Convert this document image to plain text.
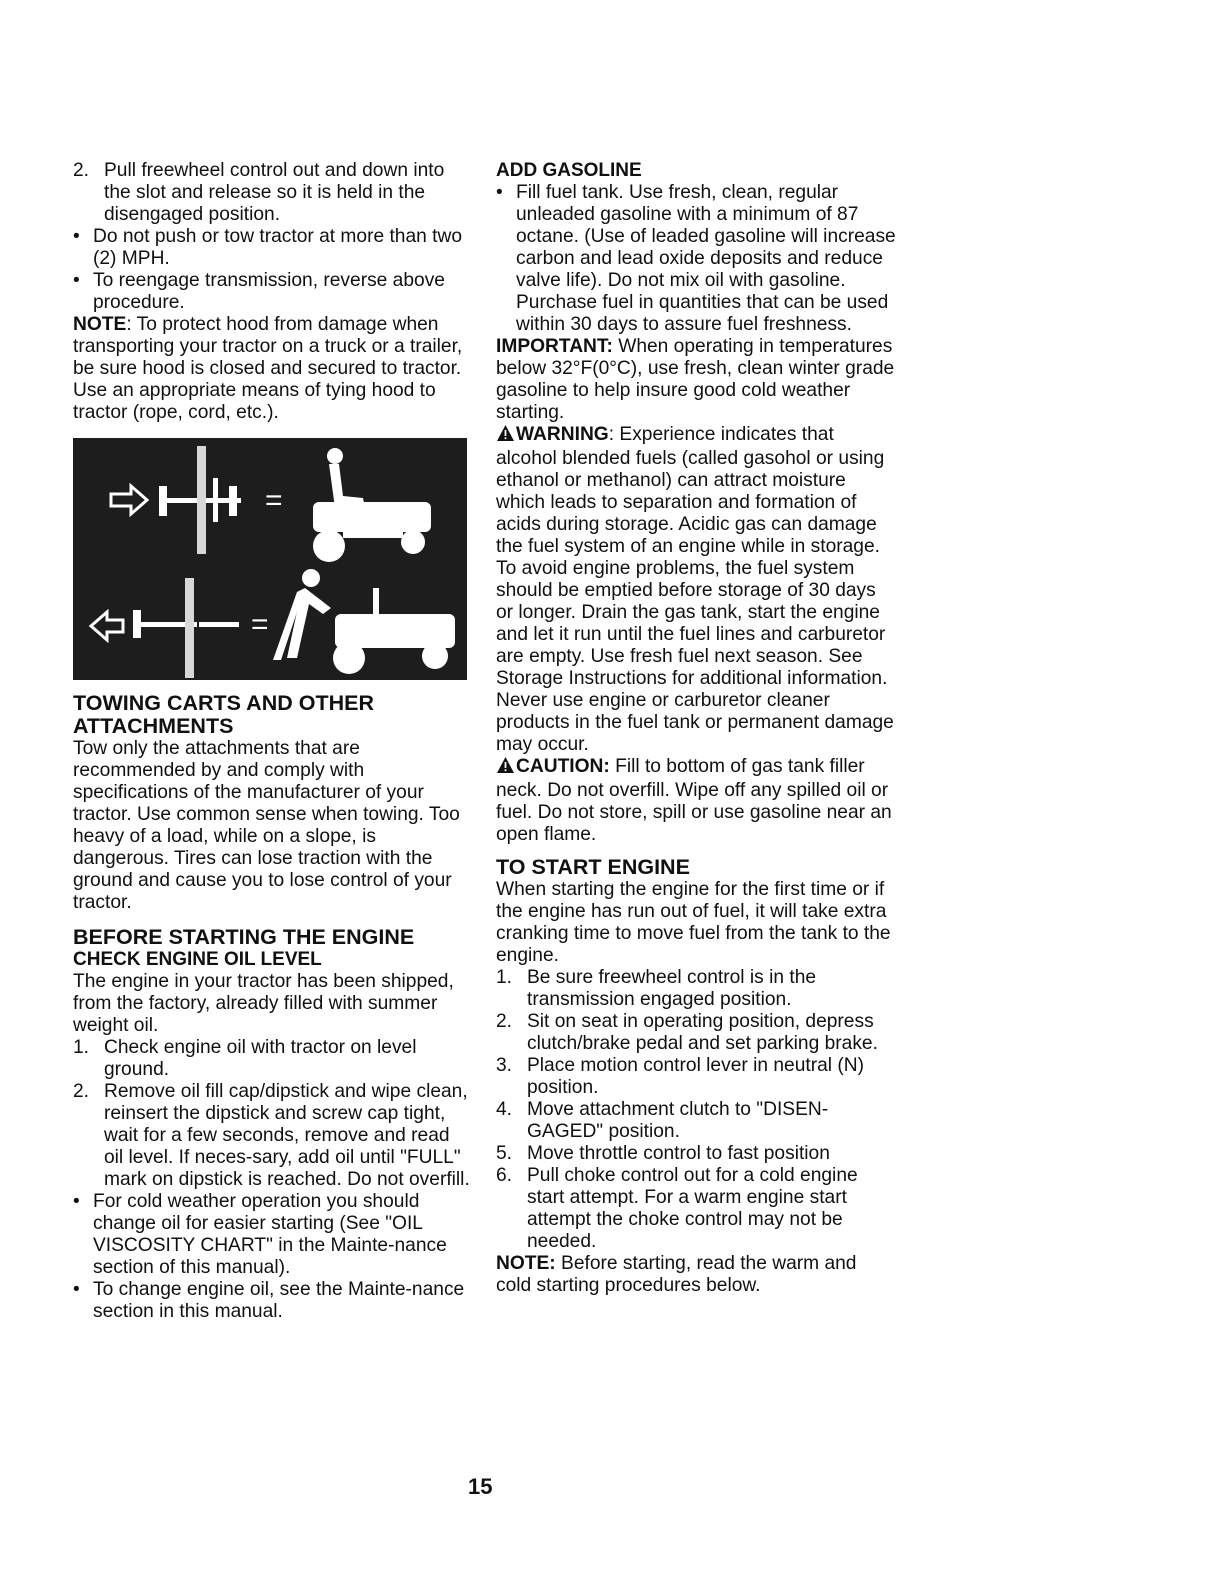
2. Pull freewheel control out and down into the slot and release so it is held in the disengaged position.

• Do not push or tow tractor at more than two (2) MPH.

• To reengage transmission, reverse above procedure.

NOTE: To protect hood from damage when transporting your tractor on a truck or a trailer, be sure hood is closed and secured to tractor. Use an appropriate means of tying hood to tractor (rope, cord, etc.).

=
=

TOWING CARTS AND OTHER ATTACHMENTS

Tow only the attachments that are recommended by and comply with specifications of the manufacturer of your tractor. Use common sense when towing. Too heavy of a load, while on a slope, is dangerous. Tires can lose traction with the ground and cause you to lose control of your tractor.

BEFORE STARTING THE ENGINE

CHECK ENGINE OIL LEVEL

The engine in your tractor has been shipped, from the factory, already filled with summer weight oil.

1. Check engine oil with tractor on level ground.

2. Remove oil fill cap/dipstick and wipe clean, reinsert the dipstick and screw cap tight, wait for a few seconds, remove and read oil level. If neces-sary, add oil until "FULL" mark on dipstick is reached. Do not overfill.

• For cold weather operation you should change oil for easier starting (See "OIL VISCOSITY CHART" in the Mainte-nance section of this manual).

• To change engine oil, see the Mainte-nance section in this manual.

ADD GASOLINE

• Fill fuel tank. Use fresh, clean, regular unleaded gasoline with a minimum of 87 octane. (Use of leaded gasoline will increase carbon and lead oxide deposits and reduce valve life). Do not mix oil with gasoline. Purchase fuel in quantities that can be used within 30 days to assure fuel freshness.

IMPORTANT: When operating in temperatures below 32°F(0°C), use fresh, clean winter grade gasoline to help insure good cold weather starting.

WARNING: Experience indicates that alcohol blended fuels (called gasohol or using ethanol or methanol) can attract moisture which leads to separation and formation of acids during storage. Acidic gas can damage the fuel system of an engine while in storage. To avoid engine problems, the fuel system should be emptied before storage of 30 days or longer. Drain the gas tank, start the engine and let it run until the fuel lines and carburetor are empty. Use fresh fuel next season. See Storage Instructions for additional information. Never use engine or carburetor cleaner products in the fuel tank or permanent damage may occur.

CAUTION: Fill to bottom of gas tank filler neck. Do not overfill. Wipe off any spilled oil or fuel. Do not store, spill or use gasoline near an open flame.

TO START ENGINE

When starting the engine for the first time or if the engine has run out of fuel, it will take extra cranking time to move fuel from the tank to the engine.

1. Be sure freewheel control is in the transmission engaged position.

2. Sit on seat in operating position, depress clutch/brake pedal and set parking brake.

3. Place motion control lever in neutral (N) position.

4. Move attachment clutch to "DISEN-GAGED" position.

5. Move throttle control to fast position

6. Pull choke control out for a cold engine start attempt. For a warm engine start attempt the choke control may not be needed.

NOTE: Before starting, read the warm and cold starting procedures below.

15
